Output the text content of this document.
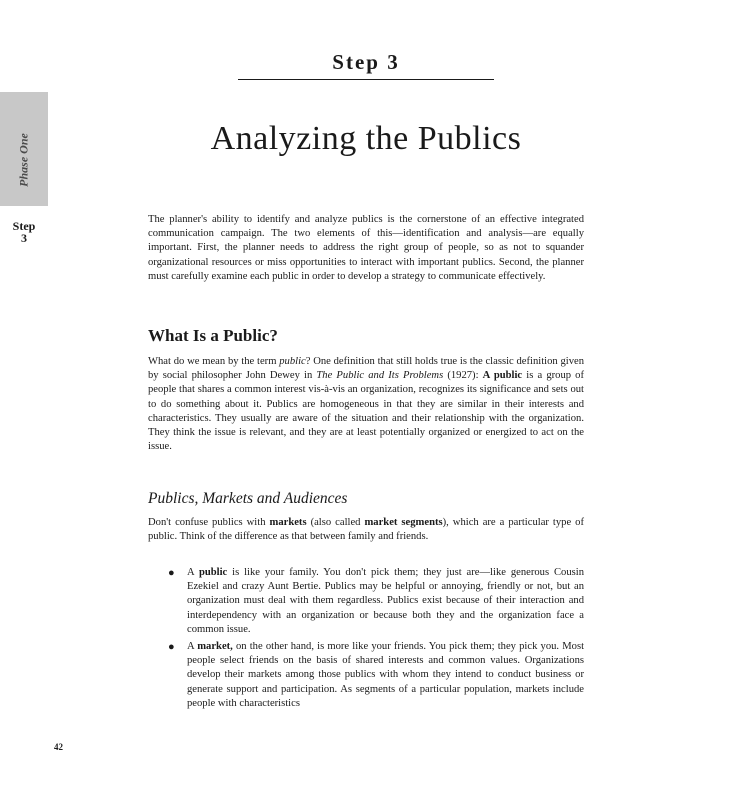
Step 3
Phase One
Step
3
Analyzing the Publics

The planner's ability to identify and analyze publics is the cornerstone of an effective integrated communication campaign. The two elements of this—identification and analysis—are equally important. First, the planner needs to address the right group of people, so as not to squander organizational resources or miss opportunities to interact with important publics. Second, the planner must carefully examine each public in order to develop a strategy to communicate effectively.

What Is a Public?

What do we mean by the term public? One definition that still holds true is the classic definition given by social philosopher John Dewey in The Public and Its Problems (1927): A public is a group of people that shares a common interest vis-à-vis an organization, recognizes its significance and sets out to do something about it. Publics are homogeneous in that they are similar in their interests and characteristics. They usually are aware of the situation and their relationship with the organization. They think the issue is relevant, and they are at least potentially organized or energized to act on the issue.

Publics, Markets and Audiences

Don't confuse publics with markets (also called market segments), which are a particular type of public. Think of the difference as that between family and friends.

● A public is like your family. You don't pick them; they just are—like generous Cousin Ezekiel and crazy Aunt Bertie. Publics may be helpful or annoying, friendly or not, but an organization must deal with them regardless. Publics exist because of their interaction and interdependency with an organization or because both they and the organization face a common issue.

● A market, on the other hand, is more like your friends. You pick them; they pick you. Most people select friends on the basis of shared interests and common values. Organizations develop their markets among those publics with whom they intend to conduct business or generate support and participation. As segments of a particular population, markets include people with characteristics

42
